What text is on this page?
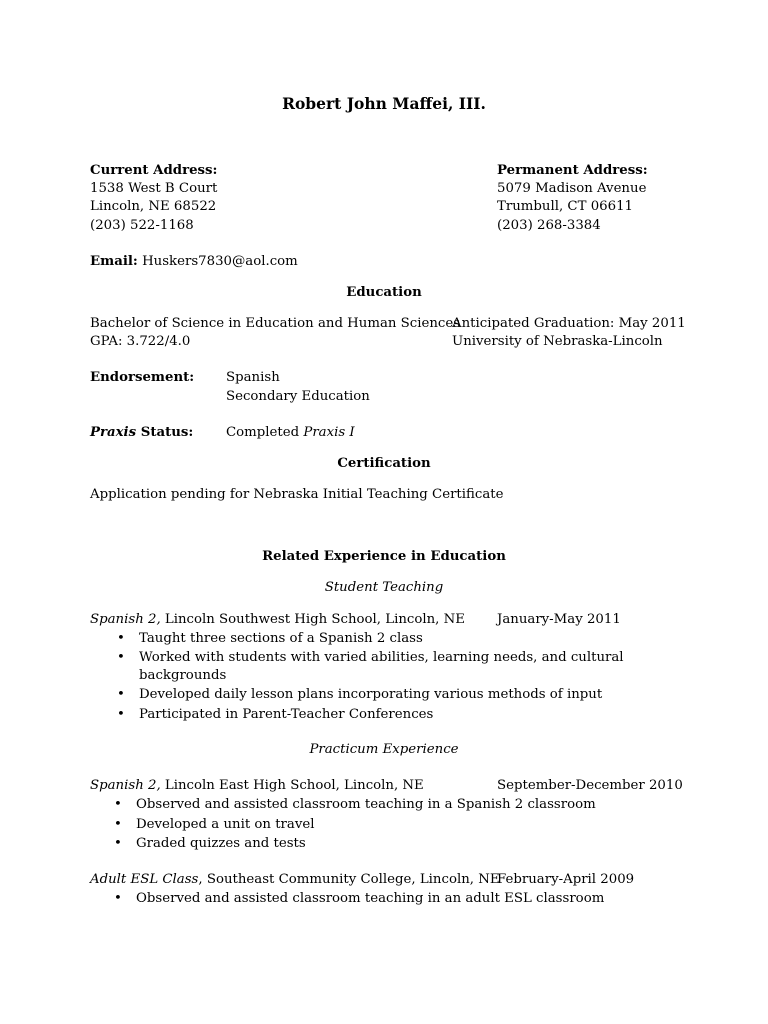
Robert John Maffei, III.
Current Address:
1538 West B Court
Lincoln, NE 68522
(203) 522-1168
Permanent Address:
5079 Madison Avenue
Trumbull, CT 06611
(203) 268-3384
Email: Huskers7830@aol.com
Education
Bachelor of Science in Education and Human Sciences
GPA: 3.722/4.0
Anticipated Graduation: May 2011
University of Nebraska-Lincoln
Endorsement: Spanish
Secondary Education
Praxis Status: Completed Praxis I
Certification
Application pending for Nebraska Initial Teaching Certificate
Related Experience in Education
Student Teaching
Spanish 2, Lincoln Southwest High School, Lincoln, NE January-May 2011
• Taught three sections of a Spanish 2 class
• Worked with students with varied abilities, learning needs, and cultural
backgrounds
• Developed daily lesson plans incorporating various methods of input
• Participated in Parent-Teacher Conferences
Practicum Experience
Spanish 2, Lincoln East High School, Lincoln, NE	September-December 2010
• Observed and assisted classroom teaching in a Spanish 2 classroom
• Developed a unit on travel
• Graded quizzes and tests
Adult ESL Class, Southeast Community College, Lincoln, NE
February-April 2009
• Observed and assisted classroom teaching in an adult ESL classroom
